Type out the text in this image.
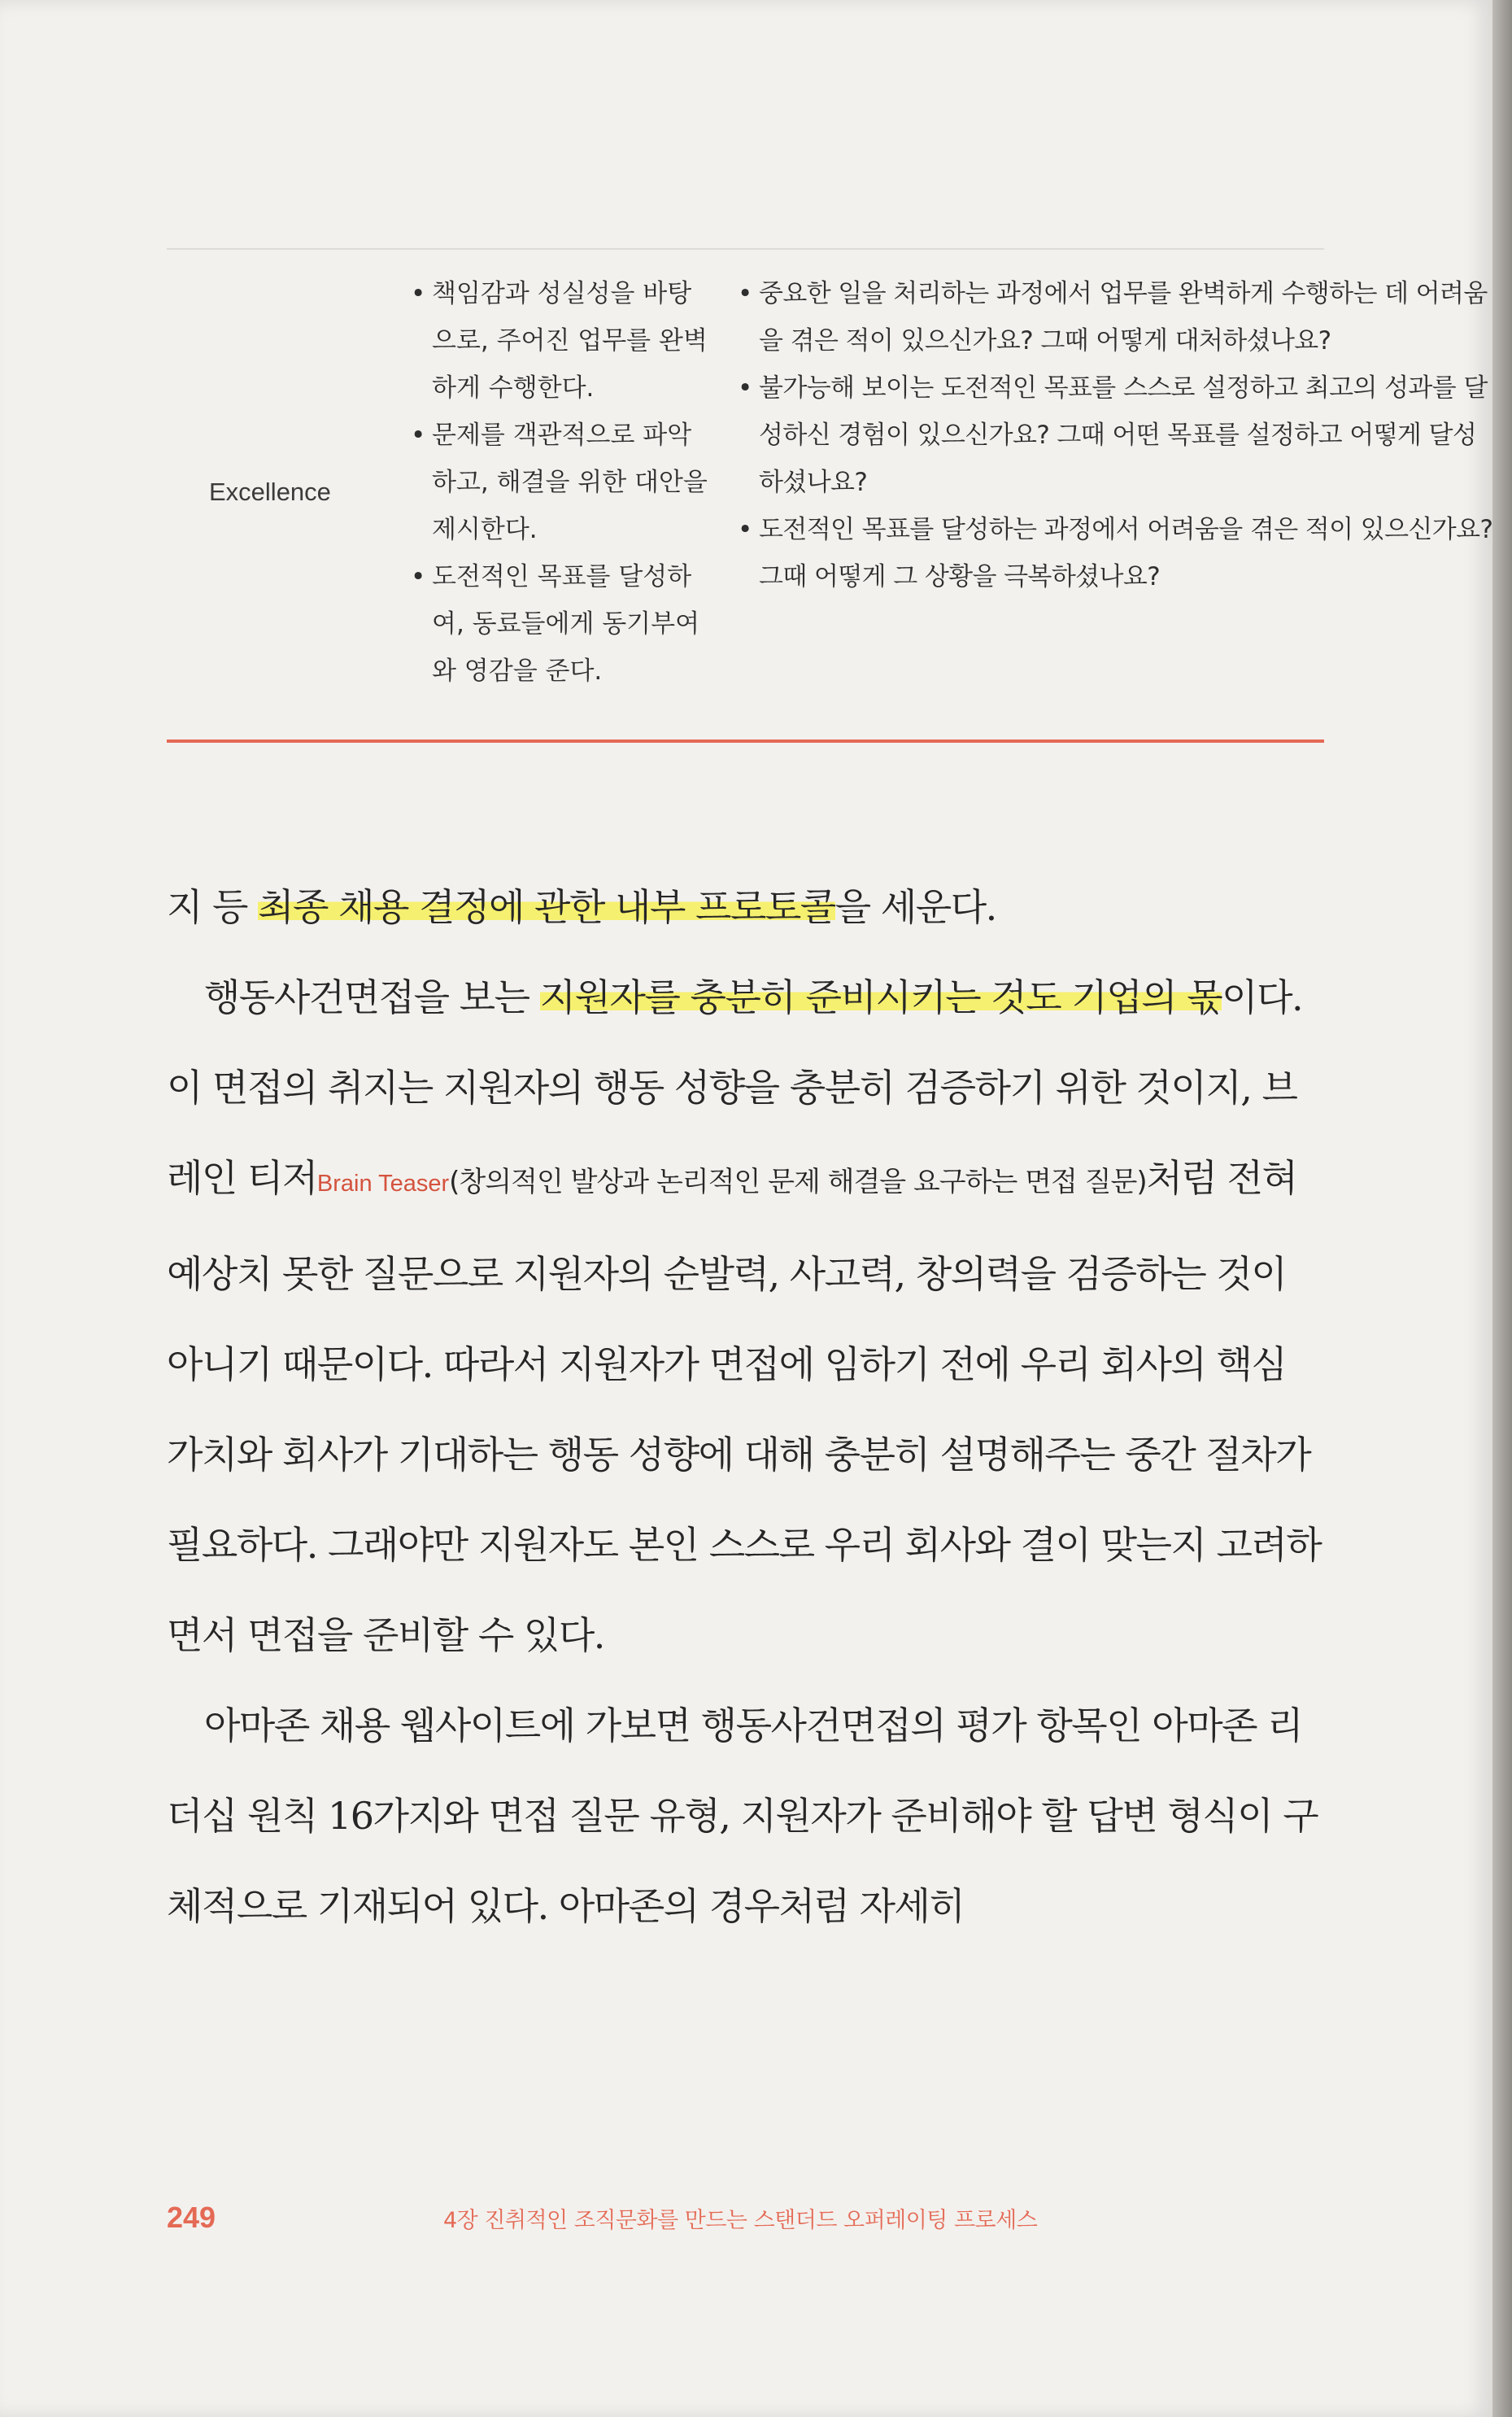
Excellence
• 책임감과 성실성을 바탕으로, 주어진 업무를 완벽하게 수행한다.
• 문제를 객관적으로 파악하고, 해결을 위한 대안을 제시한다.
• 도전적인 목표를 달성하여, 동료들에게 동기부여와 영감을 준다.
• 중요한 일을 처리하는 과정에서 업무를 완벽하게 수행하는 데 어려움을 겪은 적이 있으신가요? 그때 어떻게 대처하셨나요?
• 불가능해 보이는 도전적인 목표를 스스로 설정하고 최고의 성과를 달성하신 경험이 있으신가요? 그때 어떤 목표를 설정하고 어떻게 달성하셨나요?
• 도전적인 목표를 달성하는 과정에서 어려움을 겪은 적이 있으신가요? 그때 어떻게 그 상황을 극복하셨나요?

지 등 최종 채용 결정에 관한 내부 프로토콜을 세운다.

행동사건면접을 보는 지원자를 충분히 준비시키는 것도 기업의 몫이다. 이 면접의 취지는 지원자의 행동 성향을 충분히 검증하기 위한 것이지, 브레인 티저Brain Teaser(창의적인 발상과 논리적인 문제 해결을 요구하는 면접 질문)처럼 전혀 예상치 못한 질문으로 지원자의 순발력, 사고력, 창의력을 검증하는 것이 아니기 때문이다. 따라서 지원자가 면접에 임하기 전에 우리 회사의 핵심 가치와 회사가 기대하는 행동 성향에 대해 충분히 설명해주는 중간 절차가 필요하다. 그래야만 지원자도 본인 스스로 우리 회사와 결이 맞는지 고려하면서 면접을 준비할 수 있다.

아마존 채용 웹사이트에 가보면 행동사건면접의 평가 항목인 아마존 리더십 원칙 16가지와 면접 질문 유형, 지원자가 준비해야 할 답변 형식이 구체적으로 기재되어 있다. 아마존의 경우처럼 자세히

249	4장 진취적인 조직문화를 만드는 스탠더드 오퍼레이팅 프로세스
